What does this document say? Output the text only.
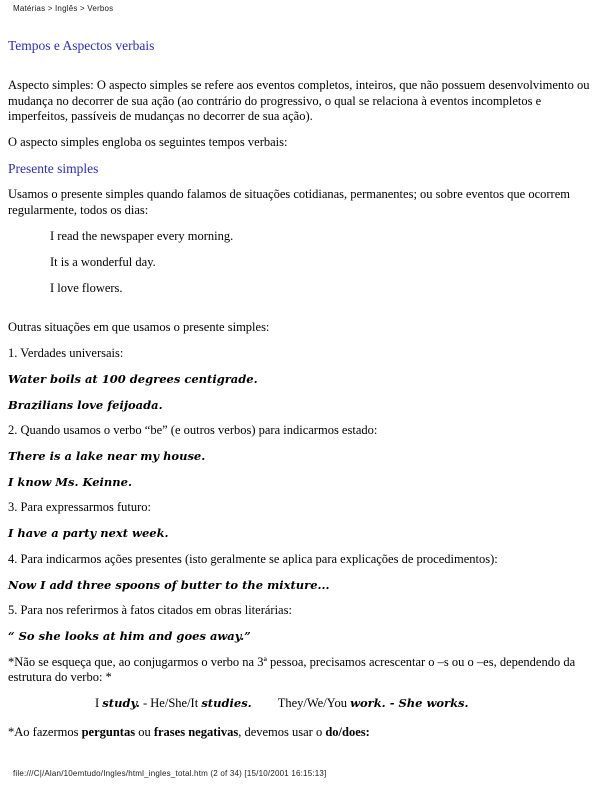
Matérias > Inglês > Verbos
Tempos e Aspectos verbais

Aspecto simples: O aspecto simples se refere aos eventos completos, inteiros, que não possuem desenvolvimento ou mudança no decorrer de sua ação (ao contrário do progressivo, o qual se relaciona à eventos incompletos e imperfeitos, passíveis de mudanças no decorrer de sua ação).

O aspecto simples engloba os seguintes tempos verbais:

Presente simples

Usamos o presente simples quando falamos de situações cotidianas, permanentes; ou sobre eventos que ocorrem regularmente, todos os dias:

I read the newspaper every morning.

It is a wonderful day.

I love flowers.

Outras situações em que usamos o presente simples:

1. Verdades universais:

Water boils at 100 degrees centigrade.

Brazilians love feijoada.

2. Quando usamos o verbo “be” (e outros verbos) para indicarmos estado:

There is a lake near my house.

I know Ms. Keinne.

3. Para expressarmos futuro:

I have a party next week.

4. Para indicarmos ações presentes (isto geralmente se aplica para explicações de procedimentos):

Now I add three spoons of butter to the mixture...

5. Para nos referirmos à fatos citados em obras literárias:

“ So she looks at him and goes away.”

*Não se esqueça que, ao conjugarmos o verbo na 3ª pessoa, precisamos acrescentar o –s ou o –es, dependendo da estrutura do verbo: *

I study. - He/She/It studies. They/We/You work. - She works.

*Ao fazermos perguntas ou frases negativas, devemos usar o do/does:

file:///C|/Alan/10emtudo/Ingles/html_ingles_total.htm (2 of 34) [15/10/2001 16:15:13]
